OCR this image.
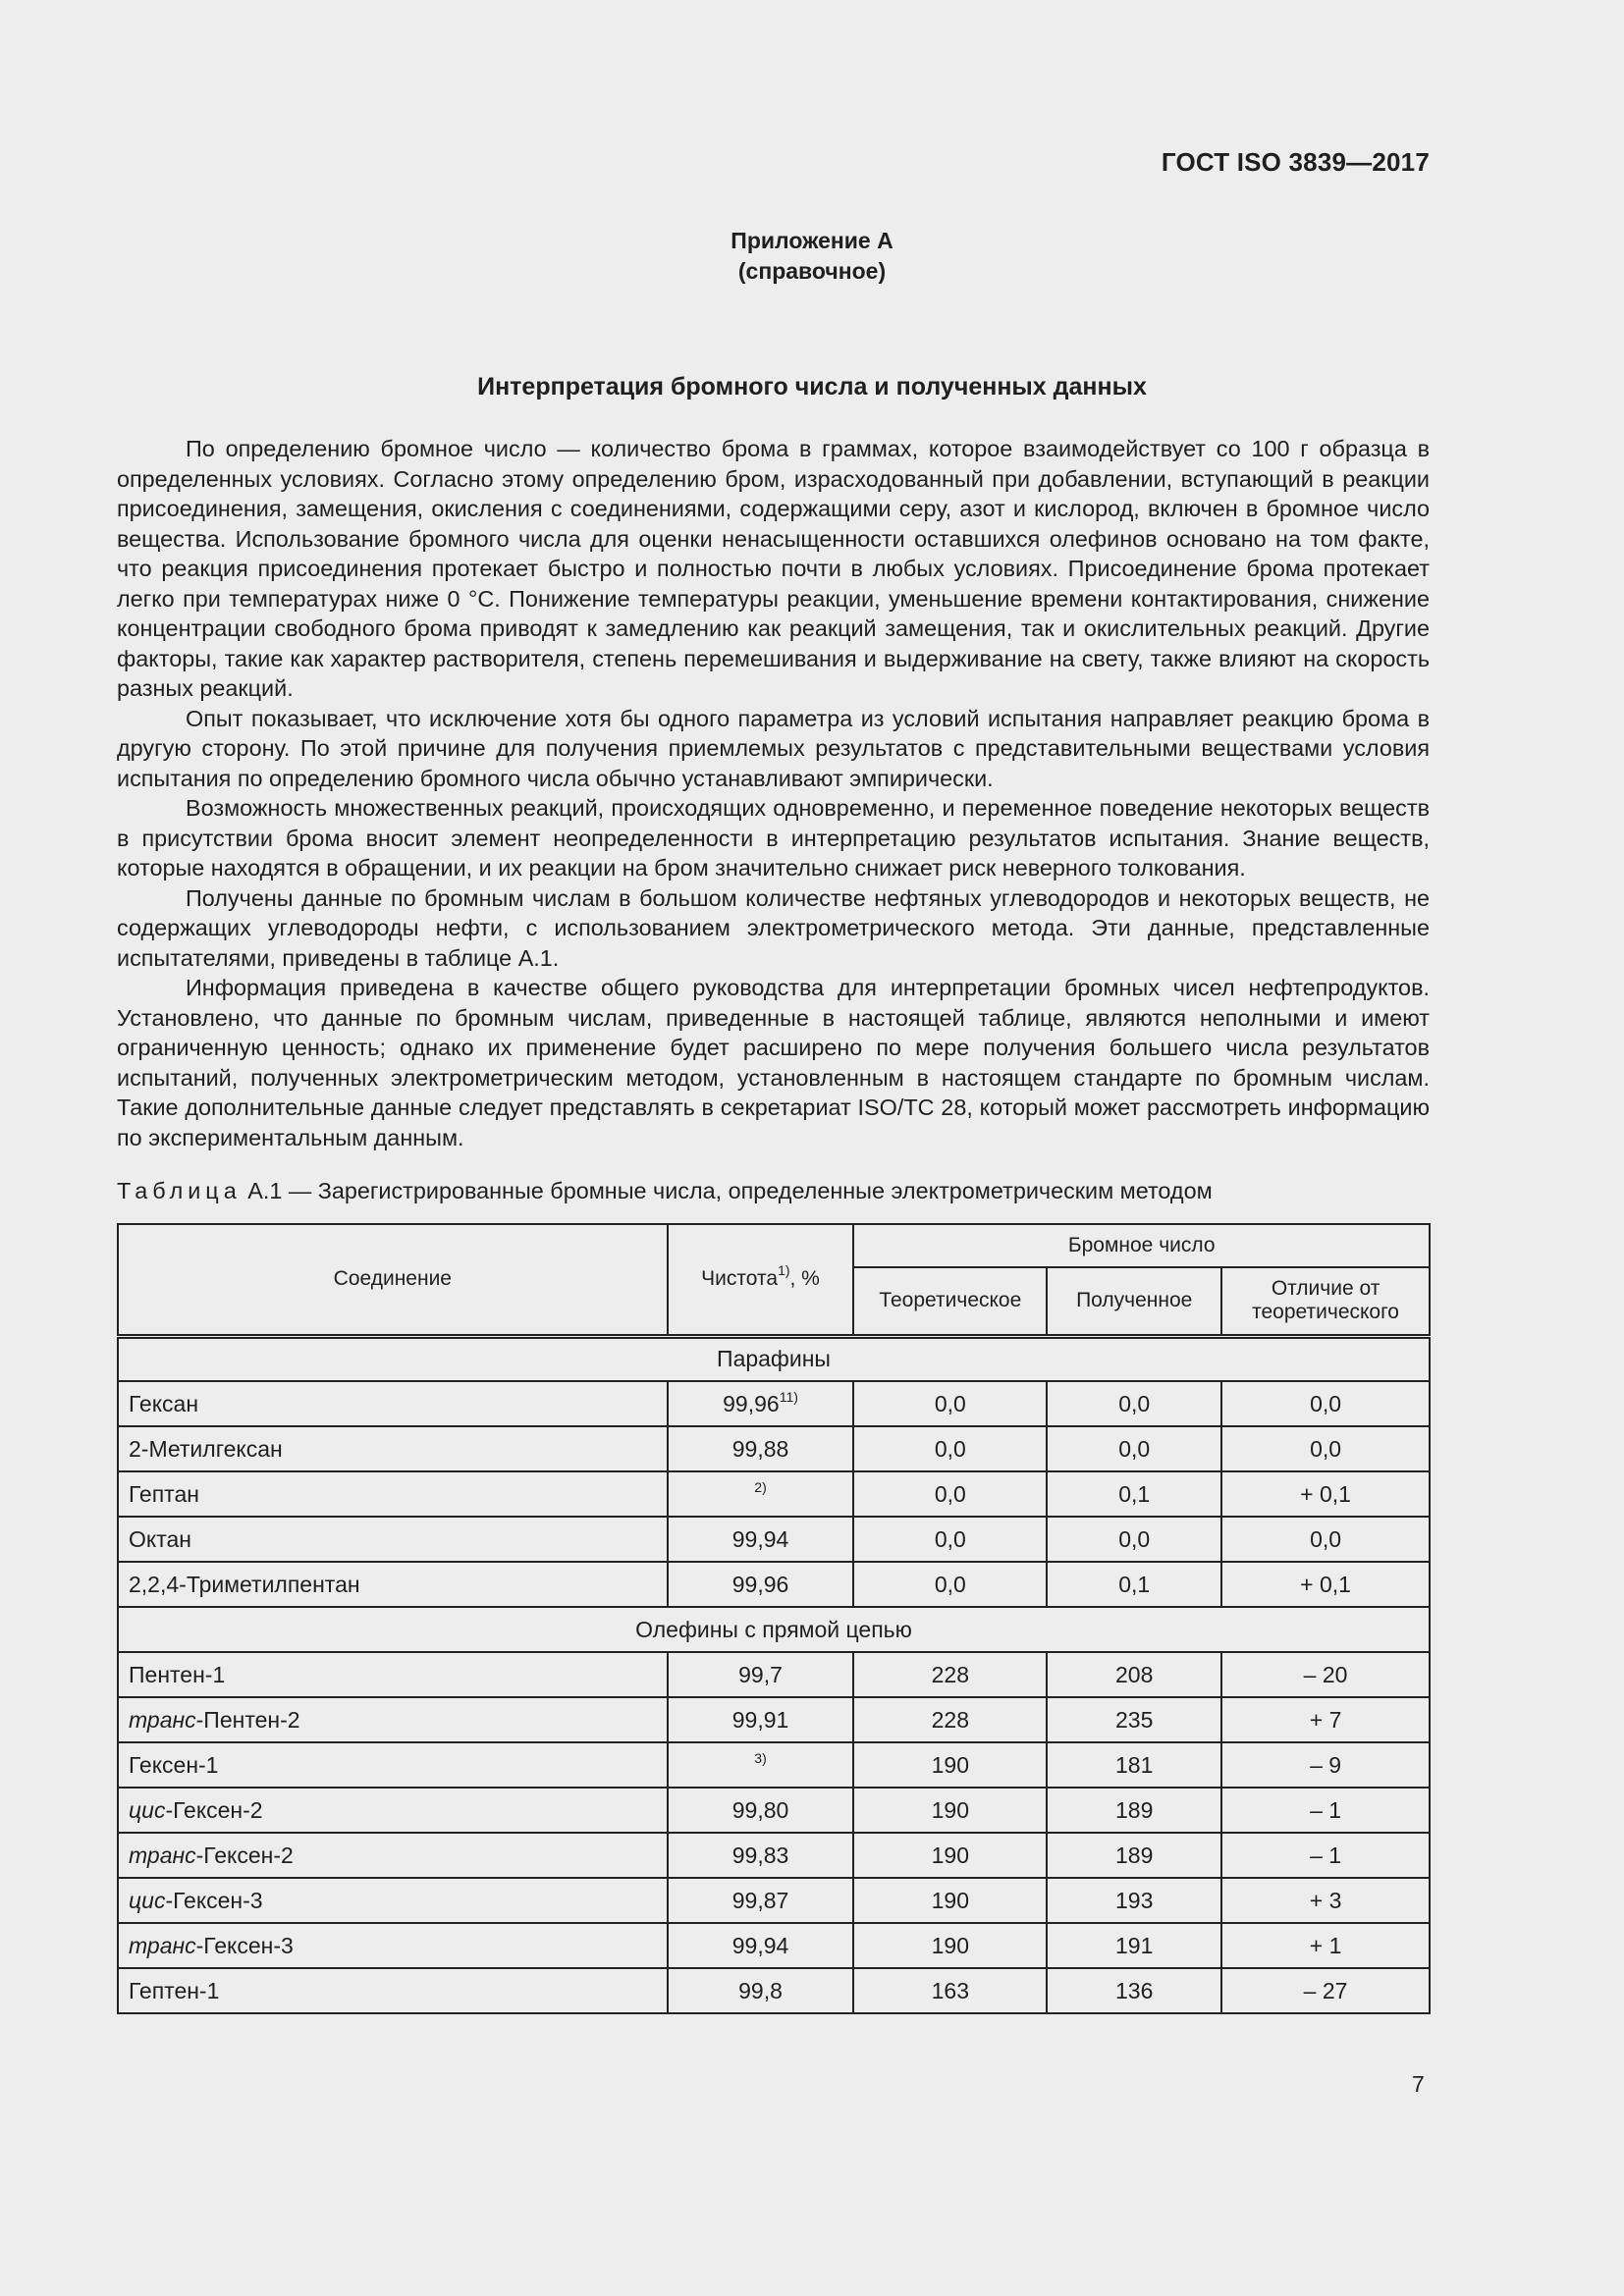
ГОСТ ISO 3839—2017
Приложение А
(справочное)
Интерпретация бромного числа и полученных данных

По определению бромное число — количество брома в граммах, которое взаимодействует со 100 г образца в определенных условиях. Согласно этому определению бром, израсходованный при добавлении, вступающий в реакции присоединения, замещения, окисления с соединениями, содержащими серу, азот и кислород, включен в бромное число вещества. Использование бромного числа для оценки ненасыщенности оставшихся олефинов основано на том факте, что реакция присоединения протекает быстро и полностью почти в любых условиях. Присоединение брома протекает легко при температурах ниже 0 °С. Понижение температуры реакции, уменьшение времени контактирования, снижение концентрации свободного брома приводят к замедлению как реакций замещения, так и окислительных реакций. Другие факторы, такие как характер растворителя, степень перемешивания и выдерживание на свету, также влияют на скорость разных реакций.

Опыт показывает, что исключение хотя бы одного параметра из условий испытания направляет реакцию брома в другую сторону. По этой причине для получения приемлемых результатов с представительными веществами условия испытания по определению бромного числа обычно устанавливают эмпирически.

Возможность множественных реакций, происходящих одновременно, и переменное поведение некоторых веществ в присутствии брома вносит элемент неопределенности в интерпретацию результатов испытания. Знание веществ, которые находятся в обращении, и их реакции на бром значительно снижает риск неверного толкования.

Получены данные по бромным числам в большом количестве нефтяных углеводородов и некоторых веществ, не содержащих углеводороды нефти, с использованием электрометрического метода. Эти данные, представленные испытателями, приведены в таблице А.1.

Информация приведена в качестве общего руководства для интерпретации бромных чисел нефтепродуктов. Установлено, что данные по бромным числам, приведенные в настоящей таблице, являются неполными и имеют ограниченную ценность; однако их применение будет расширено по мере получения большего числа результатов испытаний, полученных электрометрическим методом, установленным в настоящем стандарте по бромным числам. Такие дополнительные данные следует представлять в секретариат ISO/TC 28, который может рассмотреть информацию по экспериментальным данным.

Таблица А.1 — Зарегистрированные бромные числа, определенные электрометрическим методом
Соединение	Чистота$^{1)}$, %	Бромное число		
		Теоретическое	Полученное	Отличие от теоретического
Парафины				
Гексан	99,96$^{11)}$	0,0	0,0	0,0
2-Метилгексан	99,88	0,0	0,0	0,0
Гептан	$^{2)}$	0,0	0,1	+ 0,1
Октан	99,94	0,0	0,0	0,0
2,2,4-Триметилпентан	99,96	0,0	0,1	+ 0,1
Олефины с прямой цепью				
Пентен-1	99,7	228	208	– 20
транс-Пентен-2	99,91	228	235	+ 7
Гексен-1	$^{3)}$	190	181	– 9
цис-Гексен-2	99,80	190	189	– 1
транс-Гексен-2	99,83	190	189	– 1
цис-Гексен-3	99,87	190	193	+ 3
транс-Гексен-3	99,94	190	191	+ 1
Гептен-1	99,8	163	136	– 27
7
